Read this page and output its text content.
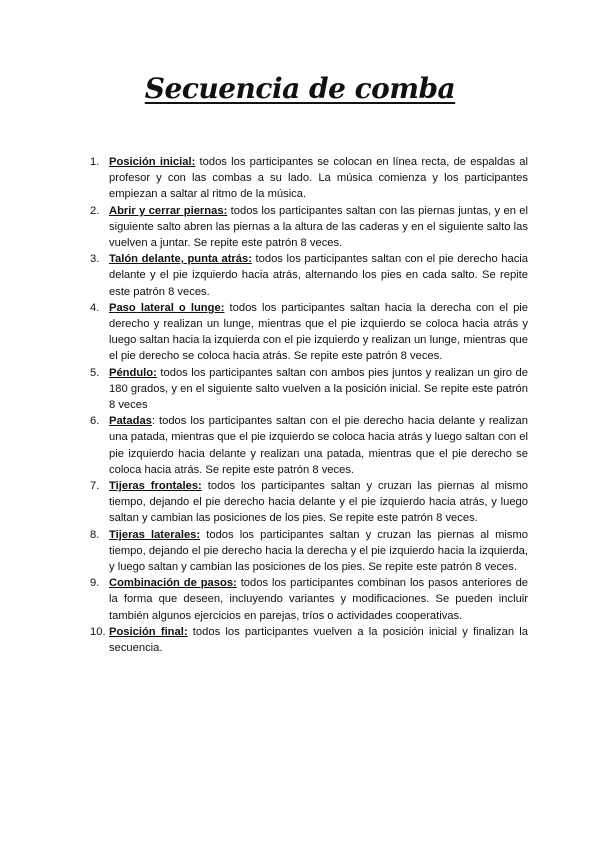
Secuencia de comba
1. Posición inicial: todos los participantes se colocan en línea recta, de espaldas al profesor y con las combas a su lado. La música comienza y los participantes empiezan a saltar al ritmo de la música.
2. Abrir y cerrar piernas: todos los participantes saltan con las piernas juntas, y en el siguiente salto abren las piernas a la altura de las caderas y en el siguiente salto las vuelven a juntar. Se repite este patrón 8 veces.
3. Talón delante, punta atrás: todos los participantes saltan con el pie derecho hacia delante y el pie izquierdo hacia atrás, alternando los pies en cada salto. Se repite este patrón 8 veces.
4. Paso lateral o lunge: todos los participantes saltan hacia la derecha con el pie derecho y realizan un lunge, mientras que el pie izquierdo se coloca hacia atrás y luego saltan hacia la izquierda con el pie izquierdo y realizan un lunge, mientras que el pie derecho se coloca hacia atrás. Se repite este patrón 8 veces.
5. Péndulo: todos los participantes saltan con ambos pies juntos y realizan un giro de 180 grados, y en el siguiente salto vuelven a la posición inicial. Se repite este patrón 8 veces
6. Patadas: todos los participantes saltan con el pie derecho hacia delante y realizan una patada, mientras que el pie izquierdo se coloca hacia atrás y luego saltan con el pie izquierdo hacia delante y realizan una patada, mientras que el pie derecho se coloca hacia atrás. Se repite este patrón 8 veces.
7. Tijeras frontales: todos los participantes saltan y cruzan las piernas al mismo tiempo, dejando el pie derecho hacia delante y el pie izquierdo hacia atrás, y luego saltan y cambian las posiciones de los pies. Se repite este patrón 8 veces.
8. Tijeras laterales: todos los participantes saltan y cruzan las piernas al mismo tiempo, dejando el pie derecho hacia la derecha y el pie izquierdo hacia la izquierda, y luego saltan y cambian las posiciones de los pies. Se repite este patrón 8 veces.
9. Combinación de pasos: todos los participantes combinan los pasos anteriores de la forma que deseen, incluyendo variantes y modificaciones. Se pueden incluir también algunos ejercicios en parejas, tríos o actividades cooperativas.
10. Posición final: todos los participantes vuelven a la posición inicial y finalizan la secuencia.
